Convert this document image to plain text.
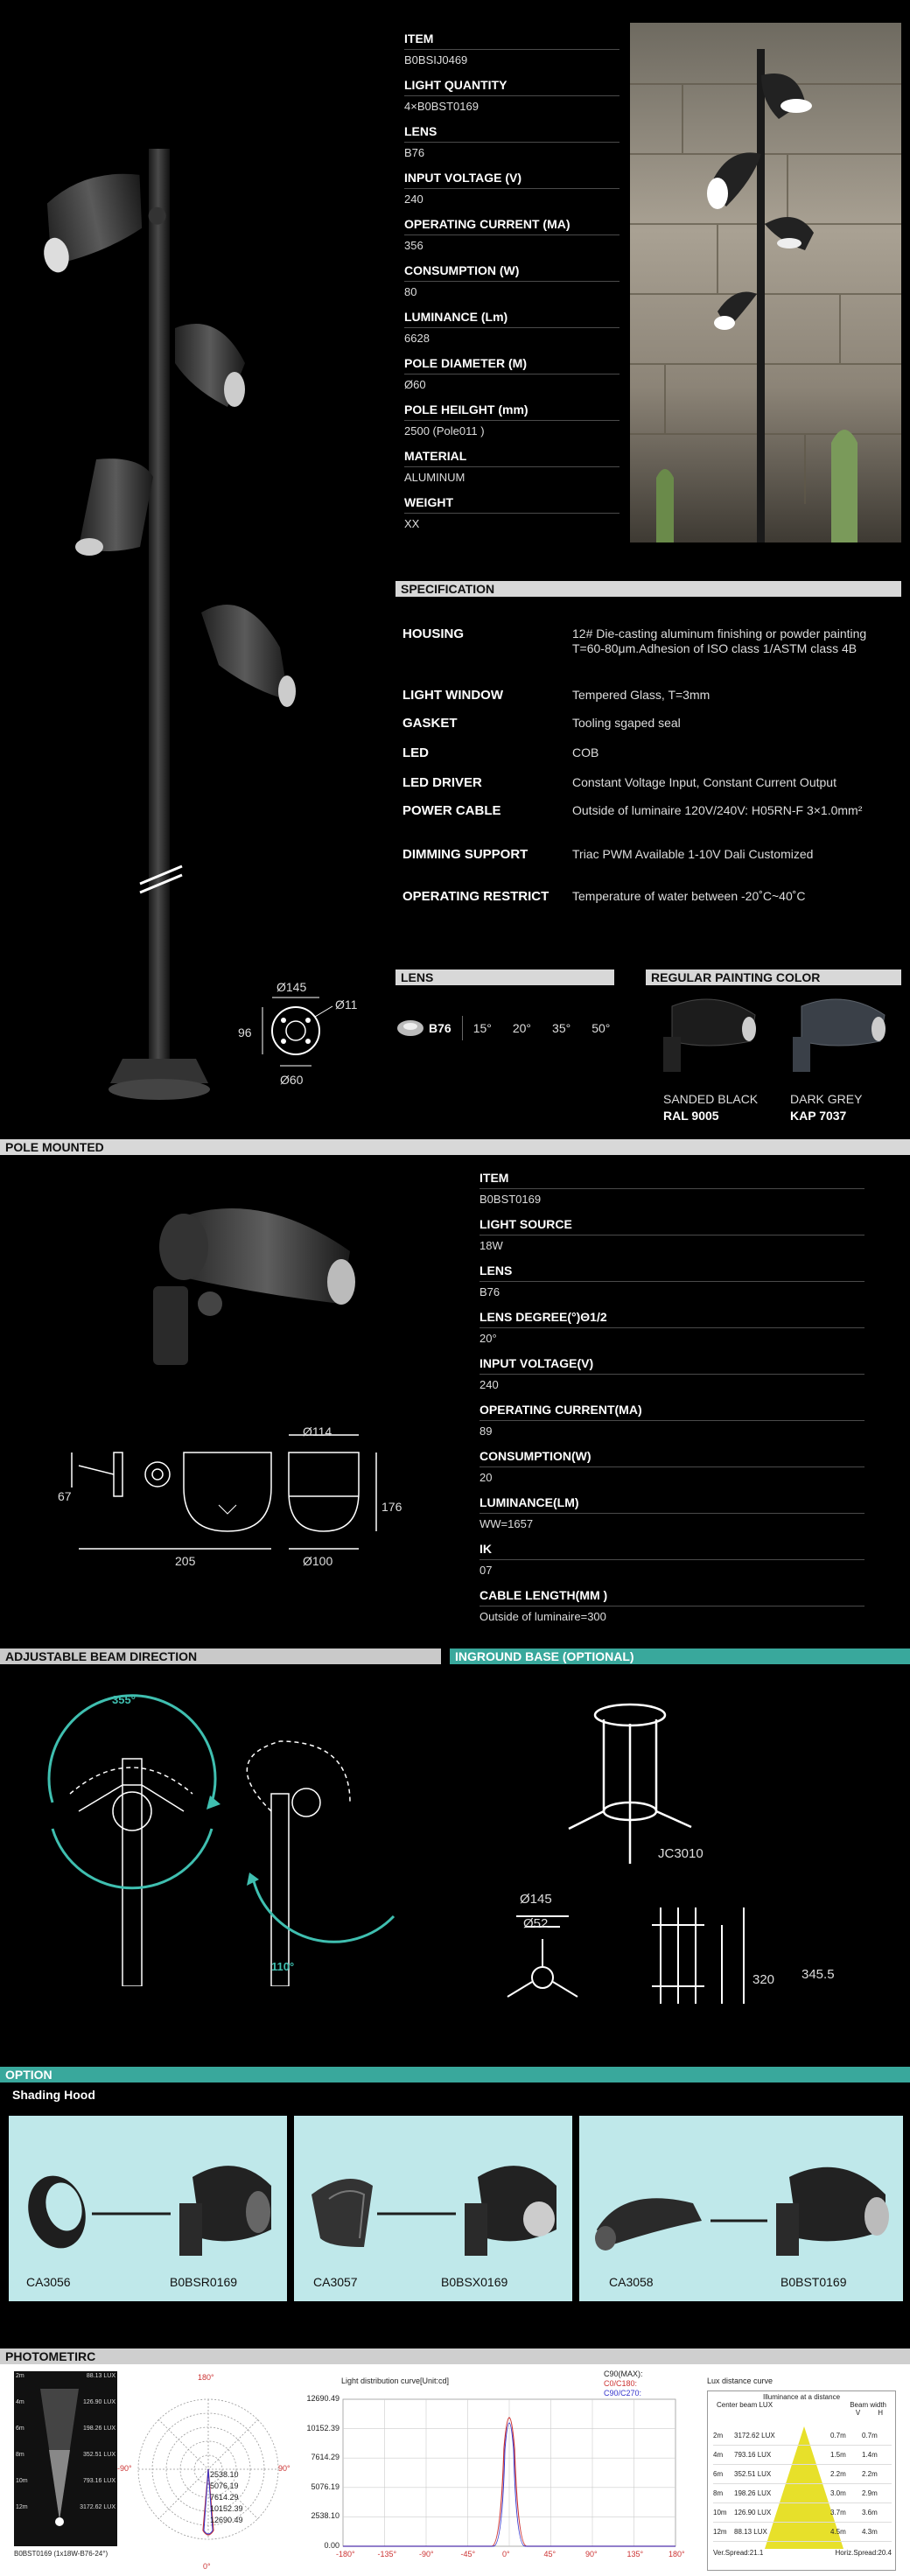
Ø145
Ø11
96
Ø60
ITEM
B0BSIJ0469
LIGHT QUANTITY
4×B0BST0169
LENS
B76
INPUT VOLTAGE (V)
240
OPERATING CURRENT (MA)
356
CONSUMPTION (W)
80
LUMINANCE (Lm)
6628
POLE DIAMETER (M)
Ø60
POLE HEILGHT (mm)
2500 (Pole011 )
MATERIAL
ALUMINUM
WEIGHT
XX
SPECIFICATION
HOUSING	12# Die-casting aluminum finishing or powder painting T=60-80μm.Adhesion of ISO class 1/ASTM class 4B
LIGHT WINDOW	Tempered Glass, T=3mm
GASKET	Tooling sgaped seal
LED	COB
LED DRIVER	Constant Voltage Input, Constant Current Output
POWER CABLE	Outside of luminaire 120V/240V: H05RN-F 3×1.0mm²
DIMMING SUPPORT	Triac PWM Available 1-10V Dali Customized
OPERATING RESTRICT	Temperature of water between -20˚C~40˚C
LENS
B76 15° 20° 35° 50°
REGULAR PAINTING COLOR
SANDED BLACK
RAL 9005
DARK GREY
KAP 7037
POLE MOUNTED
Ø114
67
176
205	Ø100
ITEM
B0BST0169
LIGHT SOURCE
18W
LENS
B76
LENS DEGREE(°)Θ1/2
20°
INPUT VOLTAGE(V)
240
OPERATING CURRENT(MA)
89
CONSUMPTION(W)
20
LUMINANCE(LM)
WW=1657
IK
07
CABLE LENGTH(MM )
Outside of luminaire=300
ADJUSTABLE BEAM DIRECTION	INGROUND BASE (OPTIONAL)
355°
110°
JC3010
Ø145
Ø52
320 345.5
OPTION
Shading Hood
CA3056	B0BSR0169	CA3057	B0BSX0169	CA3058	B0BST0169
PHOTOMETIRC
2m	88.13 LUX
4m	126.90 LUX
6m	198.26 LUX
8m	352.51 LUX
10m	793.16 LUX
12m	3172.62 LUX
B0BST0169 (1x18W-B76-24°)
180°
-90°	90°
0°
2538.10
5076.19
7614.29
10152.39
12690.49
Light distribution curve[Unit:cd]
C90(MAX):
C0/C180:
C90/C270:
12690.49
10152.39
7614.29
5076.19
2538.10
0.00
-180°	-135°	-90°	-45°	0°	45°	90°	135°	180°
Lux distance curve
Illuminance at a distance
Center beam LUX	Beam width
V	H
2m	3172.62 LUX	0.7m	0.7m
4m	793.16 LUX	1.5m	1.4m
6m	352.51 LUX	2.2m	2.2m
8m	198.26 LUX	3.0m	2.9m
10m	126.90 LUX	3.7m	3.6m
12m	88.13 LUX	4.5m	4.3m
Ver.Spread:21.1	Horiz.Spread:20.4
